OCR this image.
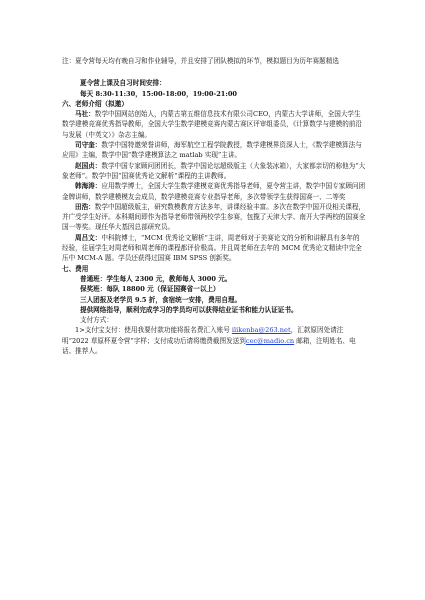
注：夏令营每天均有晚自习和作业辅导，并且安排了团队模拟的环节，模拟题目为历年赛题精选

夏令营上课及自习时间安排：

每天 8:30-11:30，15:00-18:00，19:00-21:00

六、老师介绍（拟邀）

马社：数学中国网站创始人，内蒙古第五维信息技术有限公司CEO，内蒙古大学讲师，全国大学生数学建模竞赛优秀指导教师，全国大学生数学建模竞赛内蒙古赛区评审组委员，《计算数学与建模的前沿与发展（中英文）》杂志主编。

司守奎：数学中国特邀荣誉讲师，海军航空工程学院教授，数学建模界资深人士，《数学建模算法与应用》主编，数学中国“数学建模算法之 matlab 实现”主讲。

赵国贞：数学中国专家顾问团团长，数学中国论坛超级版主（大象装冰箱），大家都亲切的称他为“大象老师”。数学中国“国赛优秀论文解析”课程的主讲教师。

韩海涛：应用数学博士，全国大学生数学建模竞赛优秀指导老师，夏令营主讲，数学中国专家顾问团金牌讲师，数学建模模友会成员，数学建模竞赛专业指导老师，多次带领学生获得国赛一、二等奖

田浩：数学中国超级版主，研究数模教育方法多年，讲课经验丰富。多次在数学中国开设相关课程，并广受学生好评。本科期间即作为指导老师带领两校学生参赛，包揽了天津大学、南开大学两校的国赛全国一等奖。现任华大基因总部研究员。

周吕文：中科院博士，“MCM 优秀论文解析”主讲，周老师对于美赛论文的分析和讲解具有多年的经验，往届学生对周老师和周老师的课程都评价极高。并且周老师在去年的 MCM 优秀论文精读中完全压中 MCM-A 题。学员还获得过国赛 IBM SPSS 创新奖。

七、费用

普通班：学生每人 2300 元，教师每人 3000 元。

保奖班：每队 18800 元（保证国赛省一以上）

三人团报及老学员 9.5 折，食宿统一安排，费用自理。

提供网络指导，顺利完成学习的学员均可以获得结业证书和能力认证证书。

支付方式：

1>支付宝支付：使用我要付款功能将报名费汇入账号 ilikenba@263.net，汇款原因处请注明“2022 草原杯夏令营”字样；支付成功后请将缴费截图发送到cec@madio.cn 邮箱，注明姓名、电话、推荐人。
